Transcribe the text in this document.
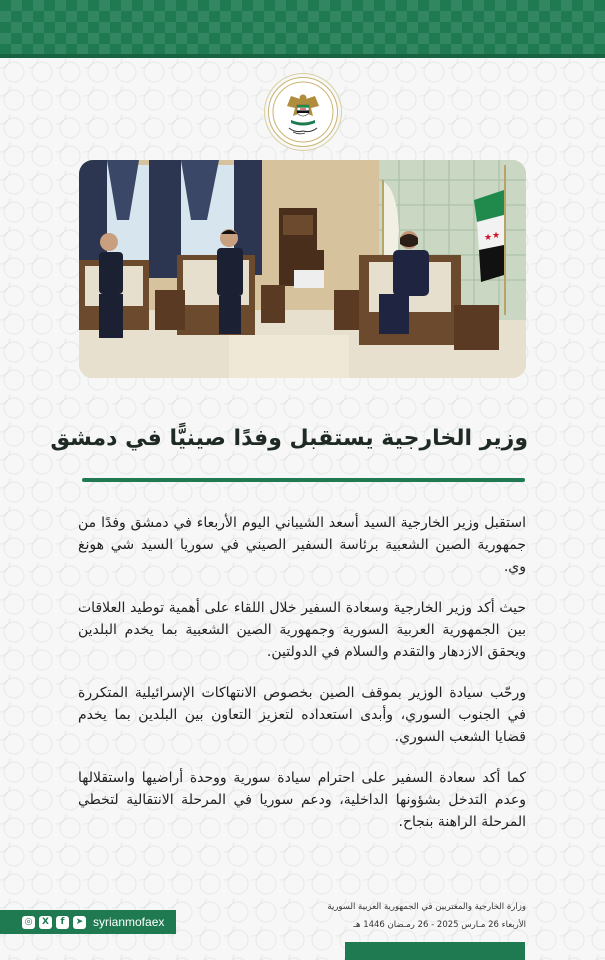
★ ★
وزير الخارجية يستقبل وفدًا صينيًّا في دمشق

استقبل وزير الخارجية السيد أسعد الشيباني اليوم الأربعاء في دمشق وفدًا من جمهورية الصين الشعبية برئاسة السفير الصيني في سوريا السيد شي هونغ وي.

حيث أكد وزير الخارجية وسعادة السفير خلال اللقاء على أهمية توطيد العلاقات بين الجمهورية العربية السورية وجمهورية الصين الشعبية بما يخدم البلدين ويحقق الازدهار والتقدم والسلام في الدولتين.

ورحّب سيادة الوزير بموقف الصين بخصوص الانتهاكات الإسرائيلية المتكررة في الجنوب السوري، وأبدى استعداده لتعزيز التعاون بين البلدين بما يخدم قضايا الشعب السوري.

كما أكد سعادة السفير على احترام سيادة سورية ووحدة أراضيها واستقلالها وعدم التدخل بشؤونها الداخلية، ودعم سوريا في المرحلة الانتقالية لتخطي المرحلة الراهنة بنجاح.

◎	X	f	➤ syrianmofaex
وزارة الخارجية والمغتربين في الجمهورية العربية السورية
الأربعاء 26 مـارس 2025 - 26 رمـضان 1446 هـ
